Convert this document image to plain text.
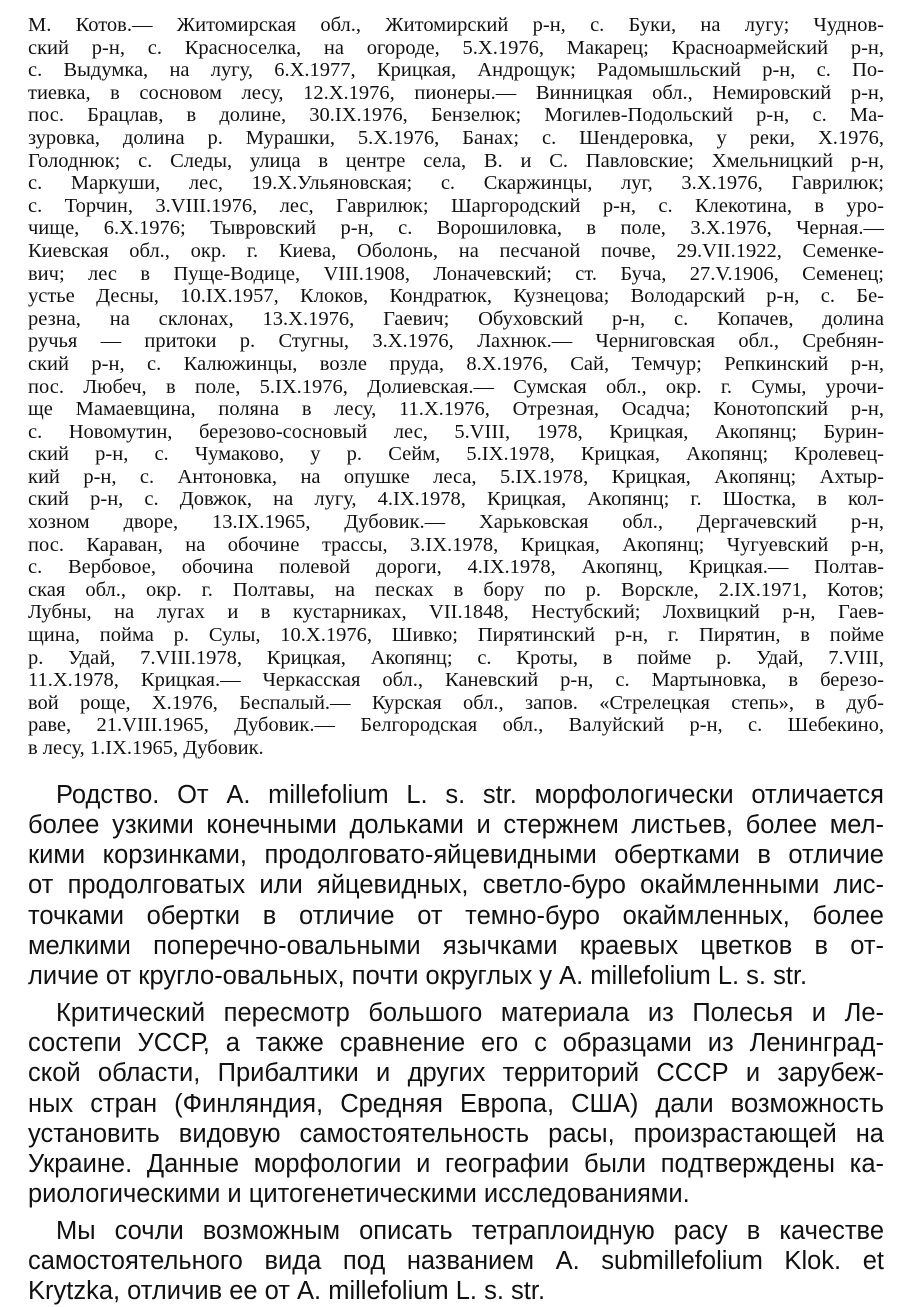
М. Котов.— Житомирская обл., Житомирский р-н, с. Буки, на лугу; Чуднов-
ский р-н, с. Красноселка, на огороде, 5.X.1976, Макарец; Красноармейский р-н,
с. Выдумка, на лугу, 6.X.1977, Крицкая, Андрощук; Радомышльский р-н, с. По-
тиевка, в сосновом лесу, 12.X.1976, пионеры.— Винницкая обл., Немировский р-н,
пос. Брацлав, в долине, 30.IX.1976, Бензелюк; Могилев-Подольский р-н, с. Ма-
зуровка, долина р. Мурашки, 5.X.1976, Банах; с. Шендеровка, у реки, X.1976,
Голоднюк; с. Следы, улица в центре села, В. и С. Павловские; Хмельницкий р-н,
с. Маркуши, лес, 19.X.Ульяновская; с. Скаржинцы, луг, 3.X.1976, Гаврилюк;
с. Торчин, 3.VIII.1976, лес, Гаврилюк; Шаргородский р-н, с. Клекотина, в уро-
чище, 6.X.1976; Тывровский р-н, с. Ворошиловка, в поле, 3.X.1976, Черная.—
Киевская обл., окр. г. Киева, Оболонь, на песчаной почве, 29.VII.1922, Семенке-
вич; лес в Пуще-Водице, VIII.1908, Лоначевский; ст. Буча, 27.V.1906, Семенец;
устье Десны, 10.IX.1957, Клоков, Кондратюк, Кузнецова; Володарский р-н, с. Бе-
резна, на склонах, 13.X.1976, Гаевич; Обуховский р-н, с. Копачев, долина
ручья — притоки р. Стугны, 3.X.1976, Лахнюк.— Черниговская обл., Сребнян-
ский р-н, с. Калюжинцы, возле пруда, 8.X.1976, Сай, Темчур; Репкинский р-н,
пос. Любеч, в поле, 5.IX.1976, Долиевская.— Сумская обл., окр. г. Сумы, урочи-
ще Мамаевщина, поляна в лесу, 11.X.1976, Отрезная, Осадча; Конотопский р-н,
с. Новомутин, березово-сосновый лес, 5.VIII, 1978, Крицкая, Акопянц; Бурин-
ский р-н, с. Чумаково, у р. Сейм, 5.IX.1978, Крицкая, Акопянц; Кролевец-
кий р-н, с. Антоновка, на опушке леса, 5.IX.1978, Крицкая, Акопянц; Ахтыр-
ский р-н, с. Довжок, на лугу, 4.IX.1978, Крицкая, Акопянц; г. Шостка, в кол-
хозном дворе, 13.IX.1965, Дубовик.— Харьковская обл., Дергачевский р-н,
пос. Караван, на обочине трассы, 3.IX.1978, Крицкая, Акопянц; Чугуевский р-н,
с. Вербовое, обочина полевой дороги, 4.IX.1978, Акопянц, Крицкая.— Полтав-
ская обл., окр. г. Полтавы, на песках в бору по р. Ворскле, 2.IX.1971, Котов;
Лубны, на лугах и в кустарниках, VII.1848, Нестубский; Лохвицкий р-н, Гаев-
щина, пойма р. Сулы, 10.X.1976, Шивко; Пирятинский р-н, г. Пирятин, в пойме
р. Удай, 7.VIII.1978, Крицкая, Акопянц; с. Кроты, в пойме р. Удай, 7.VIII,
11.X.1978, Крицкая.— Черкасская обл., Каневский р-н, с. Мартыновка, в березо-
вой роще, X.1976, Беспалый.— Курская обл., запов. «Стрелецкая степь», в дуб-
раве, 21.VIII.1965, Дубовик.— Белгородская обл., Валуйский р-н, с. Шебекино,
в лесу, 1.IX.1965, Дубовик.
Родство. От A. millefolium L. s. str. морфологически отличается
более узкими конечными дольками и стержнем листьев, более мел-
кими корзинками, продолговато-яйцевидными обертками в отличие
от продолговатых или яйцевидных, светло-буро окаймленными лис-
точками обертки в отличие от темно-буро окаймленных, более
мелкими поперечно-овальными язычками краевых цветков в от-
личие от кругло-овальных, почти округлых у A. millefolium L. s. str.
Критический пересмотр большого материала из Полесья и Ле-
состепи УССР, а также сравнение его с образцами из Ленинград-
ской области, Прибалтики и других территорий СССР и зарубеж-
ных стран (Финляндия, Средняя Европа, США) дали возможность
установить видовую самостоятельность расы, произрастающей на
Украине. Данные морфологии и географии были подтверждены ка-
риологическими и цитогенетическими исследованиями.
Мы сочли возможным описать тетраплоидную расу в качестве
самостоятельного вида под названием A. submillefolium Klok. et
Krytzka, отличив ее от A. millefolium L. s. str.
